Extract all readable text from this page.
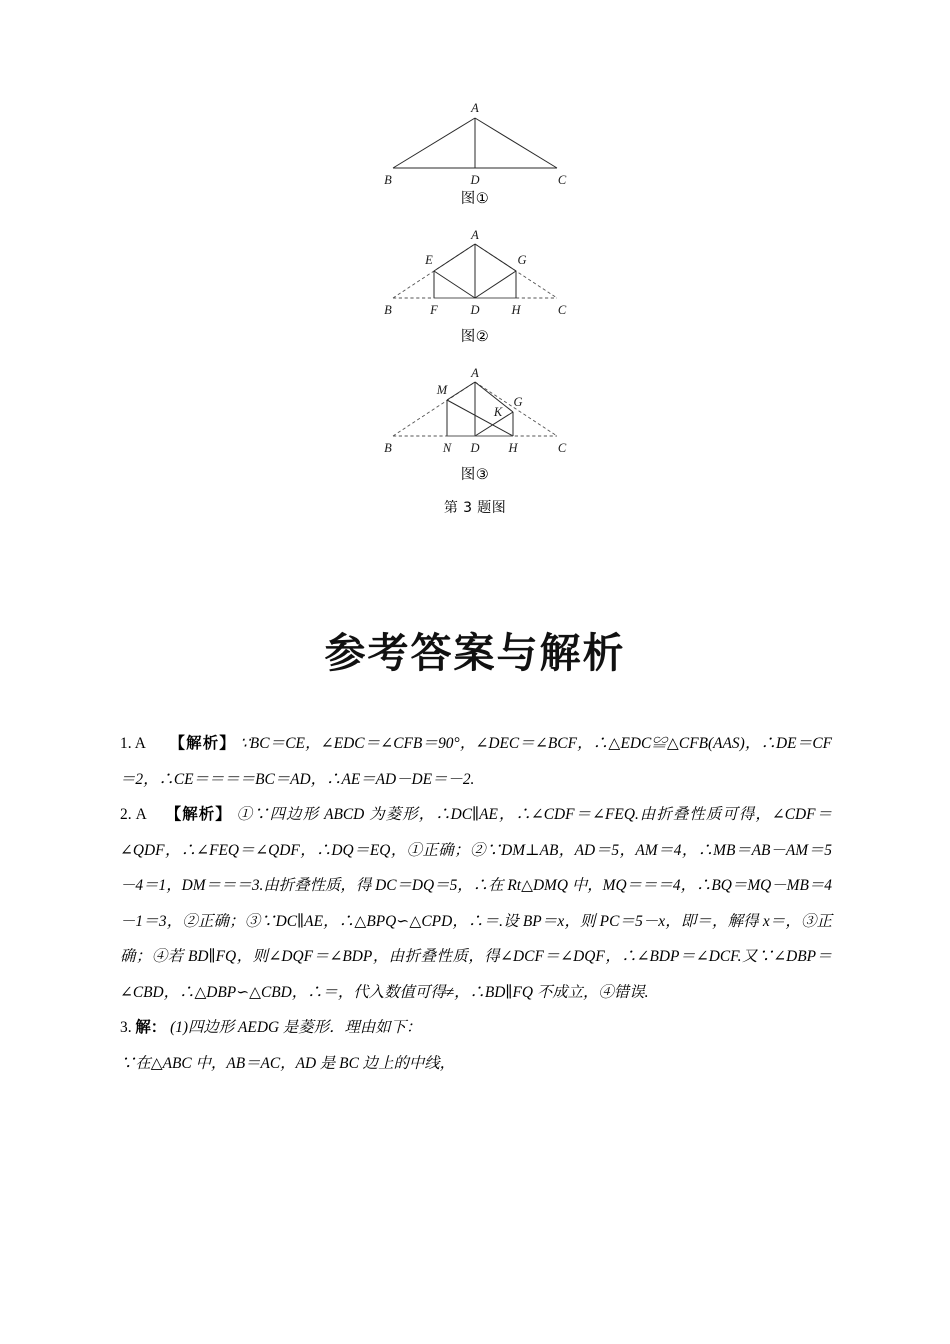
A
B	D	C
图①
A
E	G
B	F	D	H	C
图②
A
M
G
K
B	N D H	C
图③
第 3 题图
参考答案与解析

1. A 【解析】 ∵BC＝CE，∠EDC＝∠CFB＝90°，∠DEC＝∠BCF，∴△EDC≌△CFB(AAS)，∴DE＝CF＝2，∴CE＝＝＝＝BC＝AD，∴AE＝AD－DE＝－2.

2. A 【解析】 ①∵四边形 ABCD 为菱形，∴DC∥AE，∴∠CDF＝∠FEQ.由折叠性质可得，∠CDF＝∠QDF，∴∠FEQ＝∠QDF，∴DQ＝EQ，①正确；②∵DM⊥AB，AD＝5，AM＝4，∴MB＝AB－AM＝5－4＝1，DM＝＝＝3.由折叠性质，得 DC＝DQ＝5，∴在 Rt△DMQ 中，MQ＝＝＝4，∴BQ＝MQ－MB＝4－1＝3，②正确；③∵DC∥AE，∴△BPQ∽△CPD，∴＝.设 BP＝x，则 PC＝5－x，即＝，解得 x＝，③正确；④若 BD∥FQ，则∠DQF＝∠BDP，由折叠性质，得∠DCF＝∠DQF，∴∠BDP＝∠DCF.又∵∠DBP＝∠CBD，∴△DBP∽△CBD，∴＝，代入数值可得≠，∴BD∥FQ 不成立，④错误.

3. 解： (1)四边形 AEDG 是菱形．理由如下：

∵在△ABC 中，AB＝AC，AD 是 BC 边上的中线，
